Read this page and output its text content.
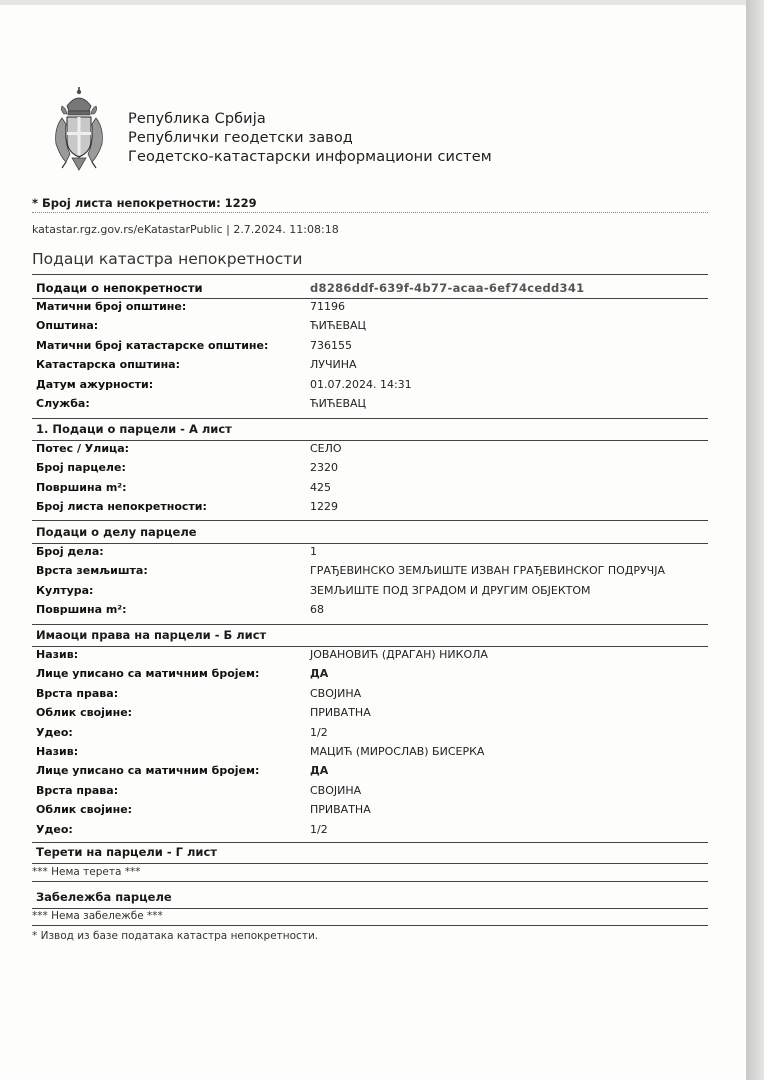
Република Србија
Републички геодетски завод
Геодетско-катастарски информациони систем
* Број листа непокретности: 1229
katastar.rgz.gov.rs/eKatastarPublic | 2.7.2024. 11:08:18
Подаци катастра непокретности
Подаци о непокретности	d8286ddf-639f-4b77-acaa-6ef74cedd341
Матични број општине:	71196
Општина:	ЋИЋЕВАЦ
Матични број катастарске општине:	736155
Катастарска општина:	ЛУЧИНА
Датум ажурности:	01.07.2024. 14:31
Служба:	ЋИЋЕВАЦ
1. Подаци о парцели - А лист
Потес / Улица:	СЕЛО
Број парцеле:	2320
Површина m²:	425
Број листа непокретности:	1229
Подаци о делу парцеле
Број дела:	1
Врста земљишта:	ГРАЂЕВИНСКО ЗЕМЉИШТЕ ИЗВАН ГРАЂЕВИНСКОГ ПОДРУЧЈА
Култура:	ЗЕМЉИШТЕ ПОД ЗГРАДОМ И ДРУГИМ ОБЈЕКТОМ
Површина m²:	68
Имаоци права на парцели - Б лист
Назив:	ЈОВАНОВИЋ (ДРАГАН) НИКОЛА
Лице уписано са матичним бројем:	ДА
Врста права:	СВОЈИНА
Облик својине:	ПРИВАТНА
Удео:	1/2
Назив:	МАЦИЋ (МИРОСЛАВ) БИСЕРКА
Лице уписано са матичним бројем:	ДА
Врста права:	СВОЈИНА
Облик својине:	ПРИВАТНА
Удео:	1/2
Терети на парцели - Г лист
*** Нема терета ***
Забележба парцеле
*** Нема забележбе ***
* Извод из базе података катастра непокретности.
